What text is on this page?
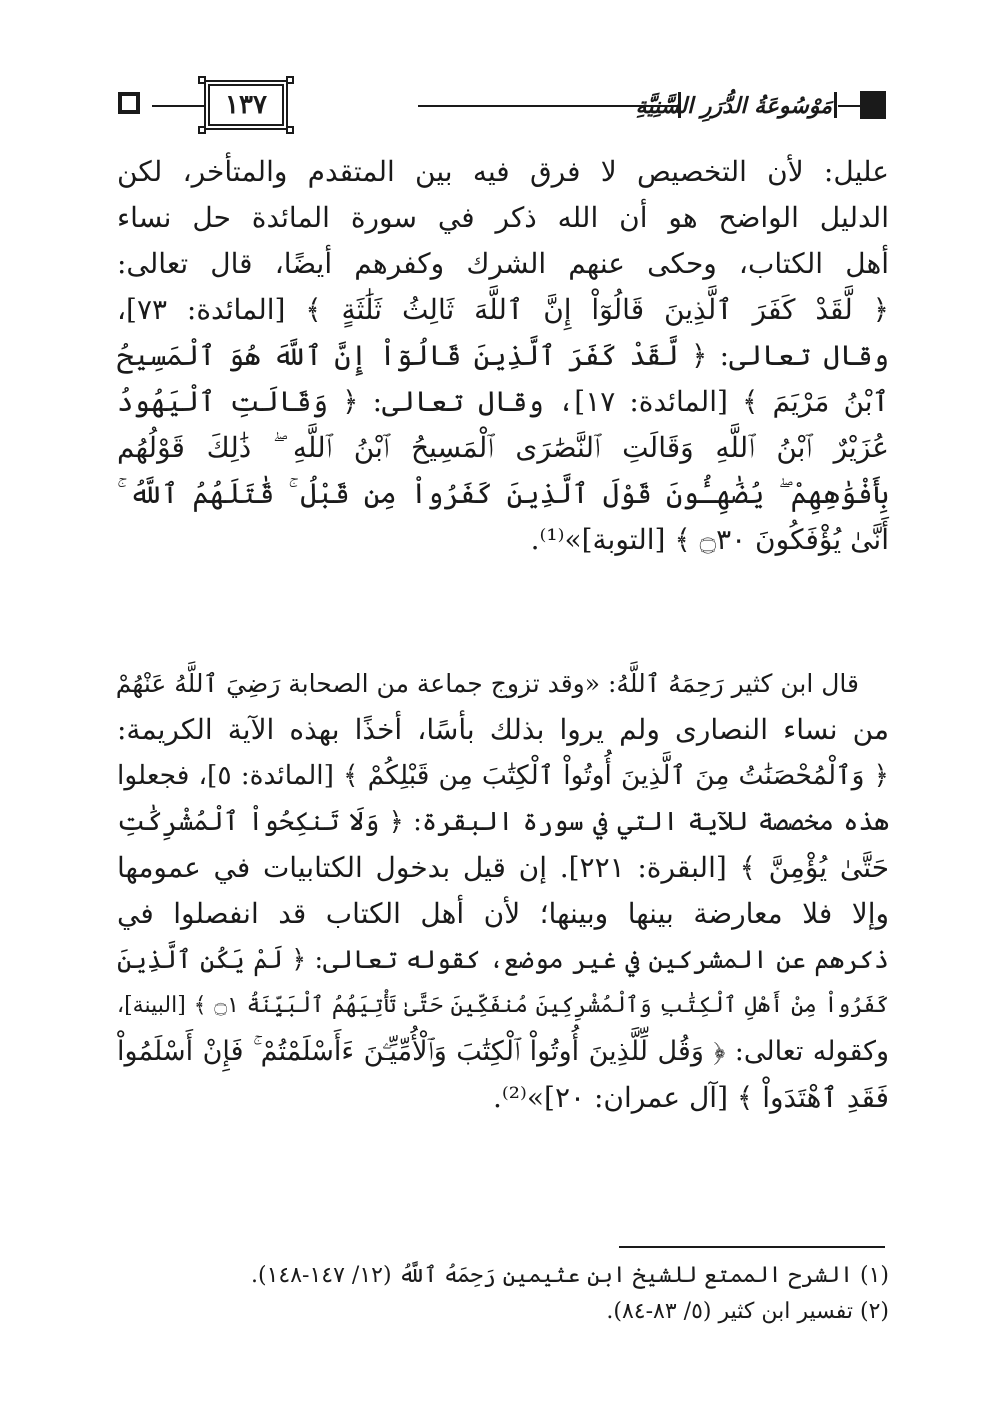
١٣٧	مَوْسُوعَةُ الدُّرَرِ السَّنِيَّةِ
عليل: لأن التخصيص لا فرق فيه بين المتقدم والمتأخر، لكن
الدليل الواضح هو أن الله ذكر في سورة المائدة حل نساء
أهل الكتاب، وحكى عنهم الشرك وكفرهم أيضًا، قال تعالى:
﴿ لَّقَدْ كَفَرَ ٱلَّذِينَ قَالُوٓاْ إِنَّ ٱللَّهَ ثَالِثُ ثَلَٰثَةٍ ﴾ [المائدة: ٧٣]،
وقال تعالى: ﴿ لَّقَدْ كَفَرَ ٱلَّذِينَ قَالُوٓاْ إِنَّ ٱللَّهَ هُوَ ٱلْمَسِيحُ
ٱبْنُ مَرْيَمَ ﴾ [المائدة: ١٧]، وقال تعالى: ﴿ وَقَالَتِ ٱلْيَهُودُ
عُزَيْرٌ ٱبْنُ ٱللَّهِ وَقَالَتِ ٱلنَّصَٰرَى ٱلْمَسِيحُ ٱبْنُ ٱللَّهِ ۖ ذَٰلِكَ قَوْلُهُم
بِأَفْوَٰهِهِمْ ۖ يُضَٰهِـُٔونَ قَوْلَ ٱلَّذِينَ كَفَرُواْ مِن قَبْلُ ۚ قَٰتَلَهُمُ ٱللَّهُ ۚ
أَنَّىٰ يُؤْفَكُونَ ۝٣٠ ﴾ [التوبة]»⁽¹⁾.
قال ابن كثير رَحِمَهُ ٱللَّهُ: «وقد تزوج جماعة من الصحابة رَضِيَ ٱللَّهُ عَنْهُمْ
من نساء النصارى ولم يروا بذلك بأسًا، أخذًا بهذه الآية الكريمة:
﴿ وَٱلْمُحْصَنَٰتُ مِنَ ٱلَّذِينَ أُوتُواْ ٱلْكِتَٰبَ مِن قَبْلِكُمْ ﴾ [المائدة: ٥]، فجعلوا
هذه مخصصة للآية التي في سورة البقرة: ﴿ وَلَا تَنكِحُواْ ٱلْمُشْرِكَٰتِ
حَتَّىٰ يُؤْمِنَّ ﴾ [البقرة: ٢٢١]. إن قيل بدخول الكتابيات في عمومها
وإلا فلا معارضة بينها وبينها؛ لأن أهل الكتاب قد انفصلوا في
ذكرهم عن المشركين في غير موضع، كقوله تعالى: ﴿ لَمْ يَكُنِ ٱلَّذِينَ
كَفَرُواْ مِنْ أَهْلِ ٱلْكِتَٰبِ وَٱلْمُشْرِكِينَ مُنفَكِّينَ حَتَّىٰ تَأْتِيَهُمُ ٱلْبَيِّنَةُ ۝١ ﴾ [البينة]،
وكقوله تعالى: ﴿ وَقُل لِّلَّذِينَ أُوتُواْ ٱلْكِتَٰبَ وَٱلْأُمِّيِّـۧنَ ءَأَسْلَمْتُمْ ۚ فَإِنْ أَسْلَمُواْ
فَقَدِ ٱهْتَدَواْ ﴾ [آل عمران: ٢٠]»⁽²⁾.
(١) الشرح الممتع للشيخ ابن عثيمين رَحِمَهُ ٱللَّهُ (١٢/ ١٤٧-١٤٨).
(٢) تفسير ابن كثير (٥/ ٨٣-٨٤).
